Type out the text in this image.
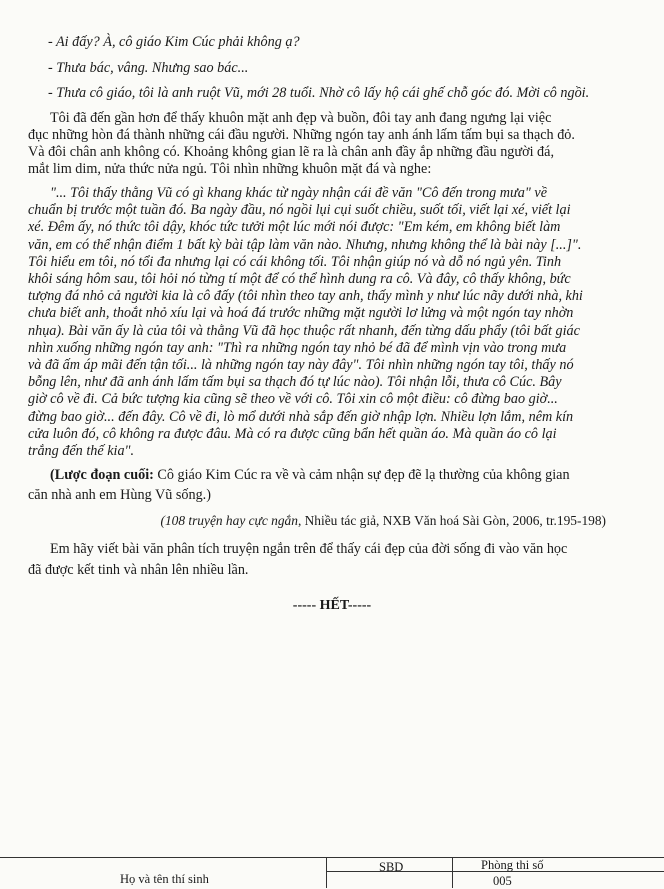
- Ai đấy? À, cô giáo Kim Cúc phải không ạ?
- Thưa bác, vâng. Nhưng sao bác...
- Thưa cô giáo, tôi là anh ruột Vũ, mới 28 tuổi. Nhờ cô lấy hộ cái ghế chỗ góc đó. Mời cô ngồi.
Tôi đã đến gần hơn để thấy khuôn mặt anh đẹp và buồn, đôi tay anh đang ngưng lại việc
đục những hòn đá thành những cái đầu người. Những ngón tay anh ánh lấm tấm bụi sa thạch đỏ.
Và đôi chân anh không có. Khoảng không gian lẽ ra là chân anh đầy ắp những đầu người đá,
mắt lim dim, nửa thức nửa ngủ. Tôi nhìn những khuôn mặt đá và nghe:
"... Tôi thấy thằng Vũ có gì khang khác từ ngày nhận cái đề văn "Cô đến trong mưa" về
chuẩn bị trước một tuần đó. Ba ngày đầu, nó ngồi lụi cụi suốt chiều, suốt tối, viết lại xé, viết lại
xé. Đêm ấy, nó thức tôi dậy, khóc tức tưởi một lúc mới nói được: "Em kém, em không biết làm
văn, em có thể nhận điểm 1 bất kỳ bài tập làm văn nào. Nhưng, nhưng không thể là bài này [...]".
Tôi hiểu em tôi, nó tổi đa nhưng lại có cái không tối. Tôi nhận giúp nó và dỗ nó ngủ yên. Tinh
khôi sáng hôm sau, tôi hỏi nó từng tí một để có thể hình dung ra cô. Và đây, cô thấy không, bức
tượng đá nhỏ cả người kia là cô đấy (tôi nhìn theo tay anh, thấy mình y như lúc nãy dưới nhà, khi
chưa biết anh, thoắt nhỏ xíu lại và hoá đá trước những mặt người lơ lửng và một ngón tay nhờn
nhụa). Bài văn ấy là của tôi và thằng Vũ đã học thuộc rất nhanh, đến từng dấu phẩy (tôi bất giác
nhìn xuống những ngón tay anh: "Thì ra những ngón tay nhỏ bé đã để mình vịn vào trong mưa
và đã ấm áp mãi đến tận tối... là những ngón tay này đây". Tôi nhìn những ngón tay tôi, thấy nó
bỗng lên, như đã anh ánh lấm tấm bụi sa thạch đó tự lúc nào). Tôi nhận lỗi, thưa cô Cúc. Bây
giờ cô về đi. Cả bức tượng kia cũng sẽ theo về với cô. Tôi xin cô một điều: cô đừng bao giờ...
đừng bao giờ... đến đây. Cô về đi, lò mổ dưới nhà sắp đến giờ nhập lợn. Nhiều lợn lắm, nêm kín
cửa luôn đó, cô không ra được đâu. Mà có ra được cũng bẩn hết quần áo. Mà quần áo cô lại
trắng đến thế kia".
(Lược đoạn cuối: Cô giáo Kim Cúc ra về và cảm nhận sự đẹp đẽ lạ thường của không gian
căn nhà anh em Hùng Vũ sống.)
(108 truyện hay cực ngắn, Nhiều tác giả, NXB Văn hoá Sài Gòn, 2006, tr.195-198)
Em hãy viết bài văn phân tích truyện ngắn trên để thấy cái đẹp của đời sống đi vào văn học
đã được kết tinh và nhân lên nhiều lần.
----- HẾT-----
Họ và tên thí sinh
SBD	Phòng thi số
005
